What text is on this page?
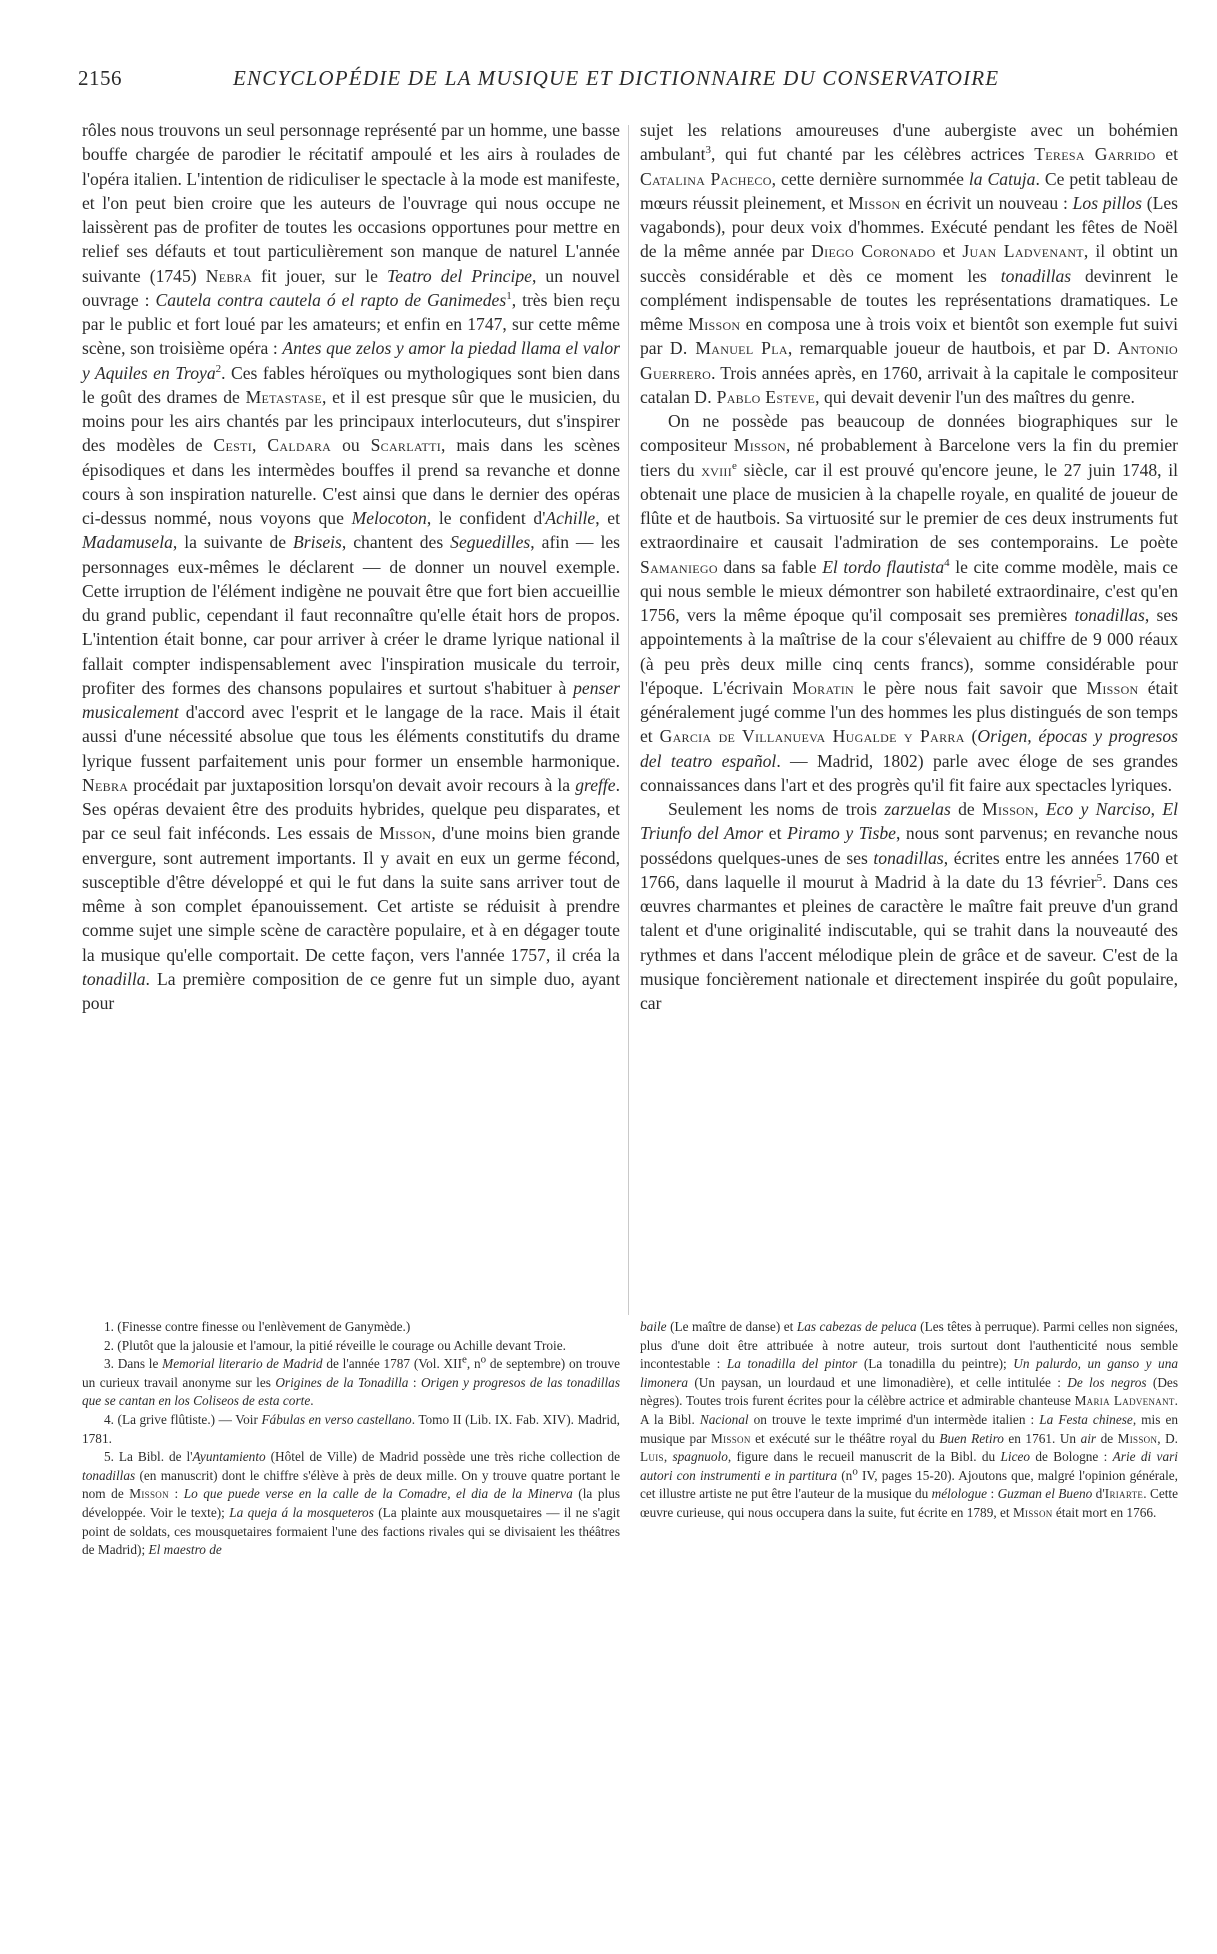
2156	ENCYCLOPÉDIE DE LA MUSIQUE ET DICTIONNAIRE DU CONSERVATOIRE

rôles nous trouvons un seul personnage représenté par un homme, une basse bouffe chargée de parodier le récitatif ampoulé et les airs à roulades de l'opéra italien. L'intention de ridiculiser le spectacle à la mode est manifeste, et l'on peut bien croire que les auteurs de l'ouvrage qui nous occupe ne laissèrent pas de profiter de toutes les occasions opportunes pour mettre en relief ses défauts et tout particulièrement son manque de naturel L'année suivante (1745) Nebra fit jouer, sur le Teatro del Principe, un nouvel ouvrage : Cautela contra cautela ó el rapto de Ganimedes$^1$, très bien reçu par le public et fort loué par les amateurs; et enfin en 1747, sur cette même scène, son troisième opéra : Antes que zelos y amor la piedad llama el valor y Aquiles en Troya$^2$. Ces fables héroïques ou mythologiques sont bien dans le goût des drames de Metastase, et il est presque sûr que le musicien, du moins pour les airs chantés par les principaux interlocuteurs, dut s'inspirer des modèles de Cesti, Caldara ou Scarlatti, mais dans les scènes épisodiques et dans les intermèdes bouffes il prend sa revanche et donne cours à son inspiration naturelle. C'est ainsi que dans le dernier des opéras ci-dessus nommé, nous voyons que Melocoton, le confident d'Achille, et Madamusela, la suivante de Briseis, chantent des Seguedilles, afin — les personnages eux-mêmes le déclarent — de donner un nouvel exemple. Cette irruption de l'élément indigène ne pouvait être que fort bien accueillie du grand public, cependant il faut reconnaître qu'elle était hors de propos. L'intention était bonne, car pour arriver à créer le drame lyrique national il fallait compter indispensablement avec l'inspiration musicale du terroir, profiter des formes des chansons populaires et surtout s'habituer à penser musicalement d'accord avec l'esprit et le langage de la race. Mais il était aussi d'une nécessité absolue que tous les éléments constitutifs du drame lyrique fussent parfaitement unis pour former un ensemble harmonique. Nebra procédait par juxtaposition lorsqu'on devait avoir recours à la greffe. Ses opéras devaient être des produits hybrides, quelque peu disparates, et par ce seul fait inféconds. Les essais de Misson, d'une moins bien grande envergure, sont autrement importants. Il y avait en eux un germe fécond, susceptible d'être développé et qui le fut dans la suite sans arriver tout de même à son complet épanouissement. Cet artiste se réduisit à prendre comme sujet une simple scène de caractère populaire, et à en dégager toute la musique qu'elle comportait. De cette façon, vers l'année 1757, il créa la tonadilla. La première composition de ce genre fut un simple duo, ayant pour

sujet les relations amoureuses d'une aubergiste avec un bohémien ambulant$^3$, qui fut chanté par les célèbres actrices Teresa Garrido et Catalina Pacheco, cette dernière surnommée la Catuja. Ce petit tableau de mœurs réussit pleinement, et Misson en écrivit un nouveau : Los pillos (Les vagabonds), pour deux voix d'hommes. Exécuté pendant les fêtes de Noël de la même année par Diego Coronado et Juan Ladvenant, il obtint un succès considérable et dès ce moment les tonadillas devinrent le complément indispensable de toutes les représentations dramatiques. Le même Misson en composa une à trois voix et bientôt son exemple fut suivi par D. Manuel Pla, remarquable joueur de hautbois, et par D. Antonio Guerrero. Trois années après, en 1760, arrivait à la capitale le compositeur catalan D. Pablo Esteve, qui devait devenir l'un des maîtres du genre.

On ne possède pas beaucoup de données biographiques sur le compositeur Misson, né probablement à Barcelone vers la fin du premier tiers du xviii$^e$ siècle, car il est prouvé qu'encore jeune, le 27 juin 1748, il obtenait une place de musicien à la chapelle royale, en qualité de joueur de flûte et de hautbois. Sa virtuosité sur le premier de ces deux instruments fut extraordinaire et causait l'admiration de ses contemporains. Le poète Samaniego dans sa fable El tordo flautista$^4$ le cite comme modèle, mais ce qui nous semble le mieux démontrer son habileté extraordinaire, c'est qu'en 1756, vers la même époque qu'il composait ses premières tonadillas, ses appointements à la maîtrise de la cour s'élevaient au chiffre de 9 000 réaux (à peu près deux mille cinq cents francs), somme considérable pour l'époque. L'écrivain Moratin le père nous fait savoir que Misson était généralement jugé comme l'un des hommes les plus distingués de son temps et Garcia de Villanueva Hugalde y Parra (Origen, épocas y progresos del teatro español. — Madrid, 1802) parle avec éloge de ses grandes connaissances dans l'art et des progrès qu'il fit faire aux spectacles lyriques.

Seulement les noms de trois zarzuelas de Misson, Eco y Narciso, El Triunfo del Amor et Piramo y Tisbe, nous sont parvenus; en revanche nous possédons quelques-unes de ses tonadillas, écrites entre les années 1760 et 1766, dans laquelle il mourut à Madrid à la date du 13 février$^5$. Dans ces œuvres charmantes et pleines de caractère le maître fait preuve d'un grand talent et d'une originalité indiscutable, qui se trahit dans la nouveauté des rythmes et dans l'accent mélodique plein de grâce et de saveur. C'est de la musique foncièrement nationale et directement inspirée du goût populaire, car

1. (Finesse contre finesse ou l'enlèvement de Ganymède.)

2. (Plutôt que la jalousie et l'amour, la pitié réveille le courage ou Achille devant Troie.

3. Dans le Memorial literario de Madrid de l'année 1787 (Vol. XIIe, $n^o$ de septembre) on trouve un curieux travail anonyme sur les Origines de la Tonadilla : Origen y progresos de las tonadillas que se cantan en los Coliseos de esta corte.

4. (La grive flûtiste.) — Voir Fábulas en verso castellano. Tomo II (Lib. IX. Fab. XIV). Madrid, 1781.

5. La Bibl. de l'Ayuntamiento (Hôtel de Ville) de Madrid possède une très riche collection de tonadillas (en manuscrit) dont le chiffre s'élève à près de deux mille. On y trouve quatre portant le nom de Misson : Lo que puede verse en la calle de la Comadre, el dia de la Minerva (la plus développée. Voir le texte); La queja á la mosqueteros (La plainte aux mousquetaires — il ne s'agit point de soldats, ces mousquetaires formaient l'une des factions rivales qui se divisaient les théâtres de Madrid); El maestro de

baile (Le maître de danse) et Las cabezas de peluca (Les têtes à perruque). Parmi celles non signées, plus d'une doit être attribuée à notre auteur, trois surtout dont l'authenticité nous semble incontestable : La tonadilla del pintor (La tonadilla du peintre); Un palurdo, un ganso y una limonera (Un paysan, un lourdaud et une limonadière), et celle intitulée : De los negros (Des nègres). Toutes trois furent écrites pour la célèbre actrice et admirable chanteuse Maria Ladvenant. A la Bibl. Nacional on trouve le texte imprimé d'un intermède italien : La Festa chinese, mis en musique par Misson et exécuté sur le théâtre royal du Buen Retiro en 1761. Un air de Misson, D. Luis, spagnuolo, figure dans le recueil manuscrit de la Bibl. du Liceo de Bologne : Arie di vari autori con instrumenti e in partitura ($n^o$ IV, pages 15-20). Ajoutons que, malgré l'opinion générale, cet illustre artiste ne put être l'auteur de la musique du mélologue : Guzman el Bueno d'Iriarte. Cette œuvre curieuse, qui nous occupera dans la suite, fut écrite en 1789, et Misson était mort en 1766.
